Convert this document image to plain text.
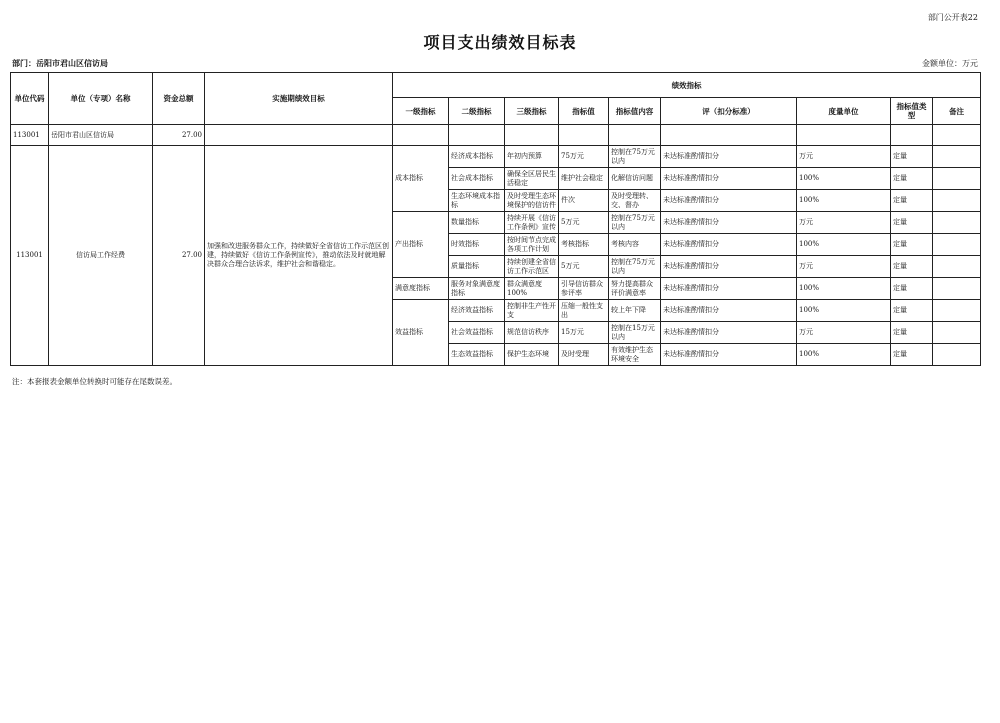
部门公开表22
项目支出绩效目标表
部门：岳阳市君山区信访局	金额单位：万元
单位代码	单位（专项）名称	资金总额	实施期绩效目标	绩效指标								
				一级指标	二级指标	三级指标	指标值	指标值内容	评（扣分标准）	度量单位	指标值类型	备注
113001	岳阳市君山区信访局	27.00										
113001	信访局工作经费	27.00	加强和改进服务群众工作，持续做好全省信访工作示范区创建，持续做好《信访工作条例宣传》，推动依法及时就地解决群众合理合法诉求，维护社会和谐稳定。	成本指标	经济成本指标	年初内预算	75万元	控制在75万元以内	未达标准酌情扣分	万元	定量	
					社会成本指标	确保全区居民生活稳定	维护社会稳定	化解信访问题	未达标准酌情扣分	100%	定量	
					生态环境成本指标	及时受理生态环境保护的信访件	件次	及时受理转、交、督办	未达标准酌情扣分	100%	定量	
				产出指标	数量指标	持续开展《信访工作条例》宣传	5万元	控制在75万元以内	未达标准酌情扣分	万元	定量	
					时效指标	按时间节点完成各项工作计划	考核指标	考核内容	未达标准酌情扣分	100%	定量	
					质量指标	持续创建全省信访工作示范区	5万元	控制在75万元以内	未达标准酌情扣分	万元	定量	
				满意度指标	服务对象满意度指标	群众满意度100%	引导信访群众参评率	努力提高群众评价满意率	未达标准酌情扣分	100%	定量	
				效益指标	经济效益指标	控制非生产性开支	压缩一般性支出	较上年下降	未达标准酌情扣分	100%	定量	
					社会效益指标	规范信访秩序	15万元	控制在15万元以内	未达标准酌情扣分	万元	定量	
					生态效益指标	保护生态环境	及时受理	有效维护生态环境安全	未达标准酌情扣分	100%	定量	
注：本套报表金额单位转换时可能存在尾数误差。
